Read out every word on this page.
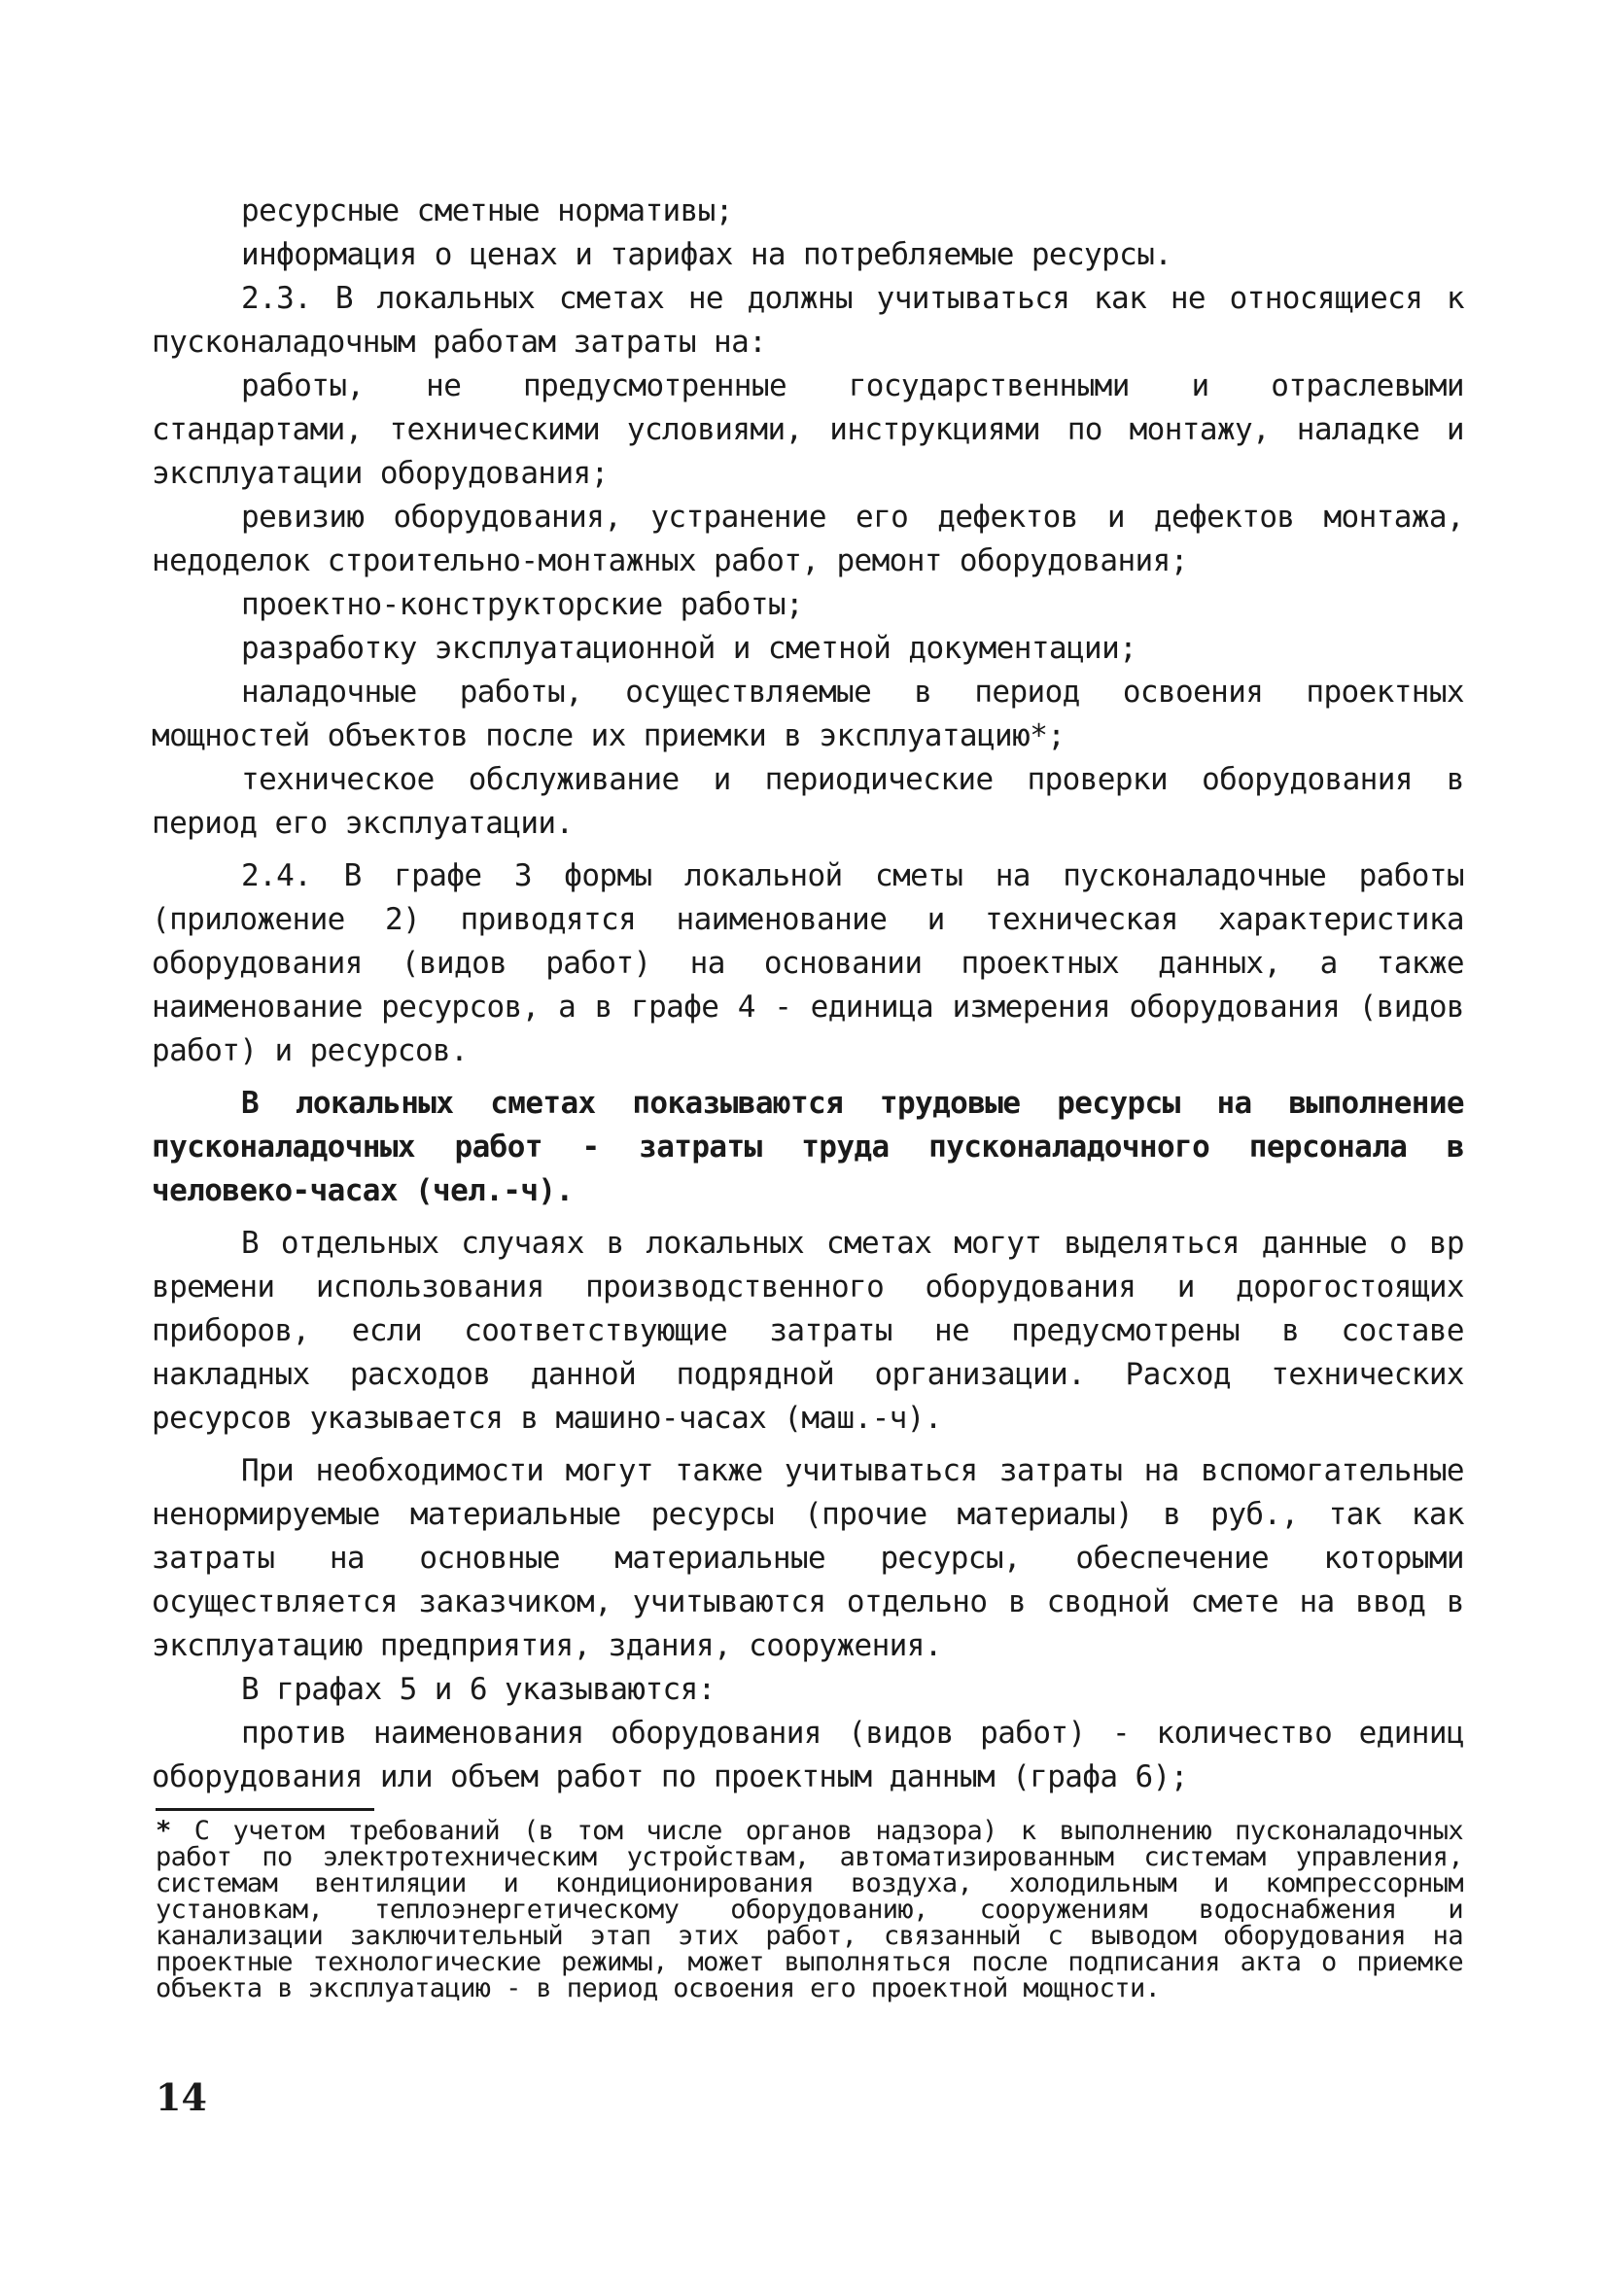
ресурсные сметные нормативы;

информация о ценах и тарифах на потребляемые ресурсы.

2.3. В локальных сметах не должны учитываться как не относящиеся к пусконаладочным работам затраты на:

работы, не предусмотренные государственными и отраслевыми стандартами, техническими условиями, инструкциями по монтажу, наладке и эксплуатации оборудования;

ревизию оборудования, устранение его дефектов и дефектов монтажа, недоделок строительно-монтажных работ, ремонт оборудования;

проектно-конструкторские работы;

разработку эксплуатационной и сметной документации;

наладочные работы, осуществляемые в период освоения проектных мощностей объектов после их приемки в эксплуатацию*;

техническое обслуживание и периодические проверки оборудования в период его эксплуатации.

2.4. В графе 3 формы локальной сметы на пусконаладочные работы (приложение 2) приводятся наименование и техническая характеристика оборудования (видов работ) на основании проектных данных, а также наименование ресурсов, а в графе 4 - единица измерения оборудования (видов работ) и ресурсов.

В локальных сметах показываются трудовые ресурсы на выполнение пусконаладочных работ - затраты труда пусконаладочного персонала в человеко-часах (чел.-ч).

В отдельных случаях в локальных сметах могут выделяться данные о вр времени использования производственного оборудования и дорогостоящих приборов, если соответствующие затраты не предусмотрены в составе накладных расходов данной подрядной организации. Расход технических ресурсов указывается в машино-часах (маш.-ч).

При необходимости могут также учитываться затраты на вспомогательные ненормируемые материальные ресурсы (прочие материалы) в руб., так как затраты на основные материальные ресурсы, обеспечение которыми осуществляется заказчиком, учитываются отдельно в сводной смете на ввод в эксплуатацию предприятия, здания, сооружения.

В графах 5 и 6 указываются:

против наименования оборудования (видов работ) - количество единиц оборудования или объем работ по проектным данным (графа 6);

* С учетом требований (в том числе органов надзора) к выполнению пусконаладочных работ по электротехническим устройствам, автоматизированным системам управления, системам вентиляции и кондиционирования воздуха, холодильным и компрессорным установкам, теплоэнергетическому оборудованию, сооружениям водоснабжения и канализации заключительный этап этих работ, связанный с выводом оборудования на проектные технологические режимы, может выполняться после подписания акта о приемке объекта в эксплуатацию - в период освоения его проектной мощности.

14
